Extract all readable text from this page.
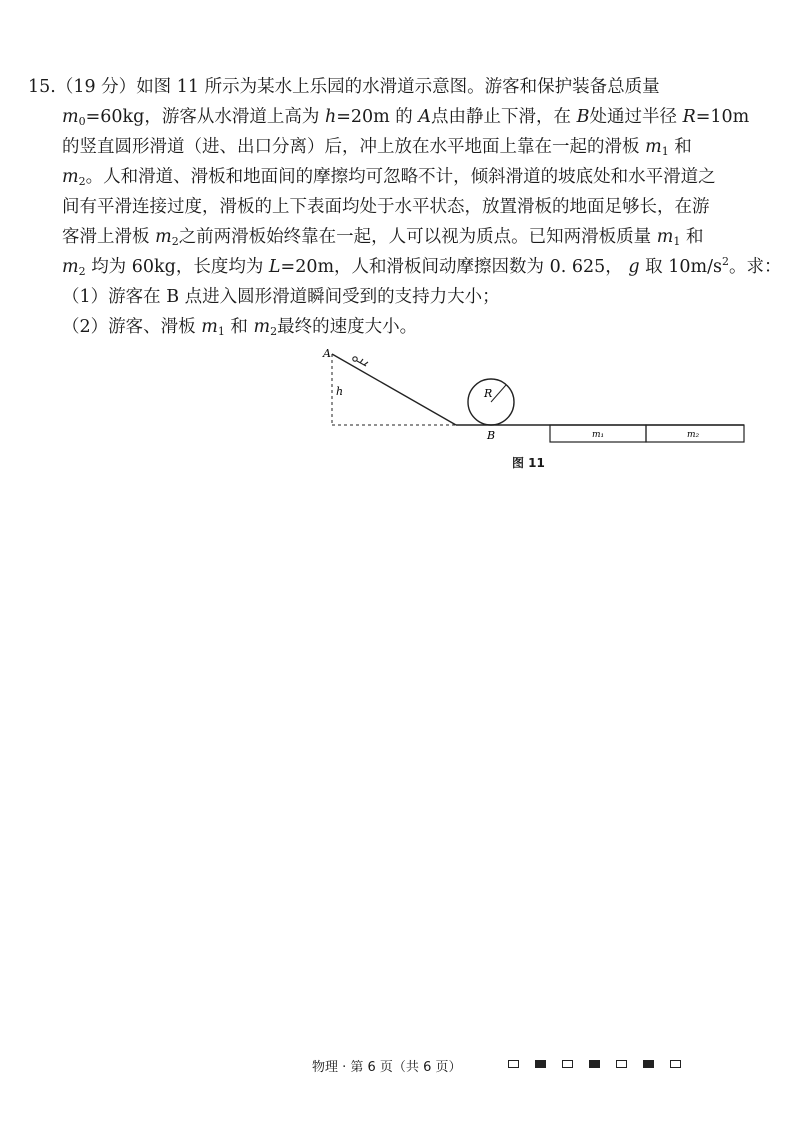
15.（19 分）如图 11 所示为某水上乐园的水滑道示意图。游客和保护装备总质量
$m_0=60kg$，游客从水滑道上高为 h=20m 的 A点由静止下滑，在 B处通过半径 R=10m
的竖直圆形滑道（进、出口分离）后，冲上放在水平地面上靠在一起的滑板 $m_1$ 和
$m_2$。人和滑道、滑板和地面间的摩擦均可忽略不计，倾斜滑道的坡底处和水平滑道之
间有平滑连接过度，滑板的上下表面均处于水平状态，放置滑板的地面足够长，在游
客滑上滑板 $m_2$之前两滑板始终靠在一起，人可以视为质点。已知两滑板质量 $m_1$ 和
$m_2$ 均为 60kg，长度均为 L=20m，人和滑板间动摩擦因数为 0. 625， g 取 $10m/s^2$。求：
（1）游客在 B 点进入圆形滑道瞬间受到的支持力大小；
（2）游客、滑板 $m_1$ 和 $m_2$最终的速度大小。
A
h	R
B	m₁	m₂
图 11
物理 · 第 6 页（共 6 页）
